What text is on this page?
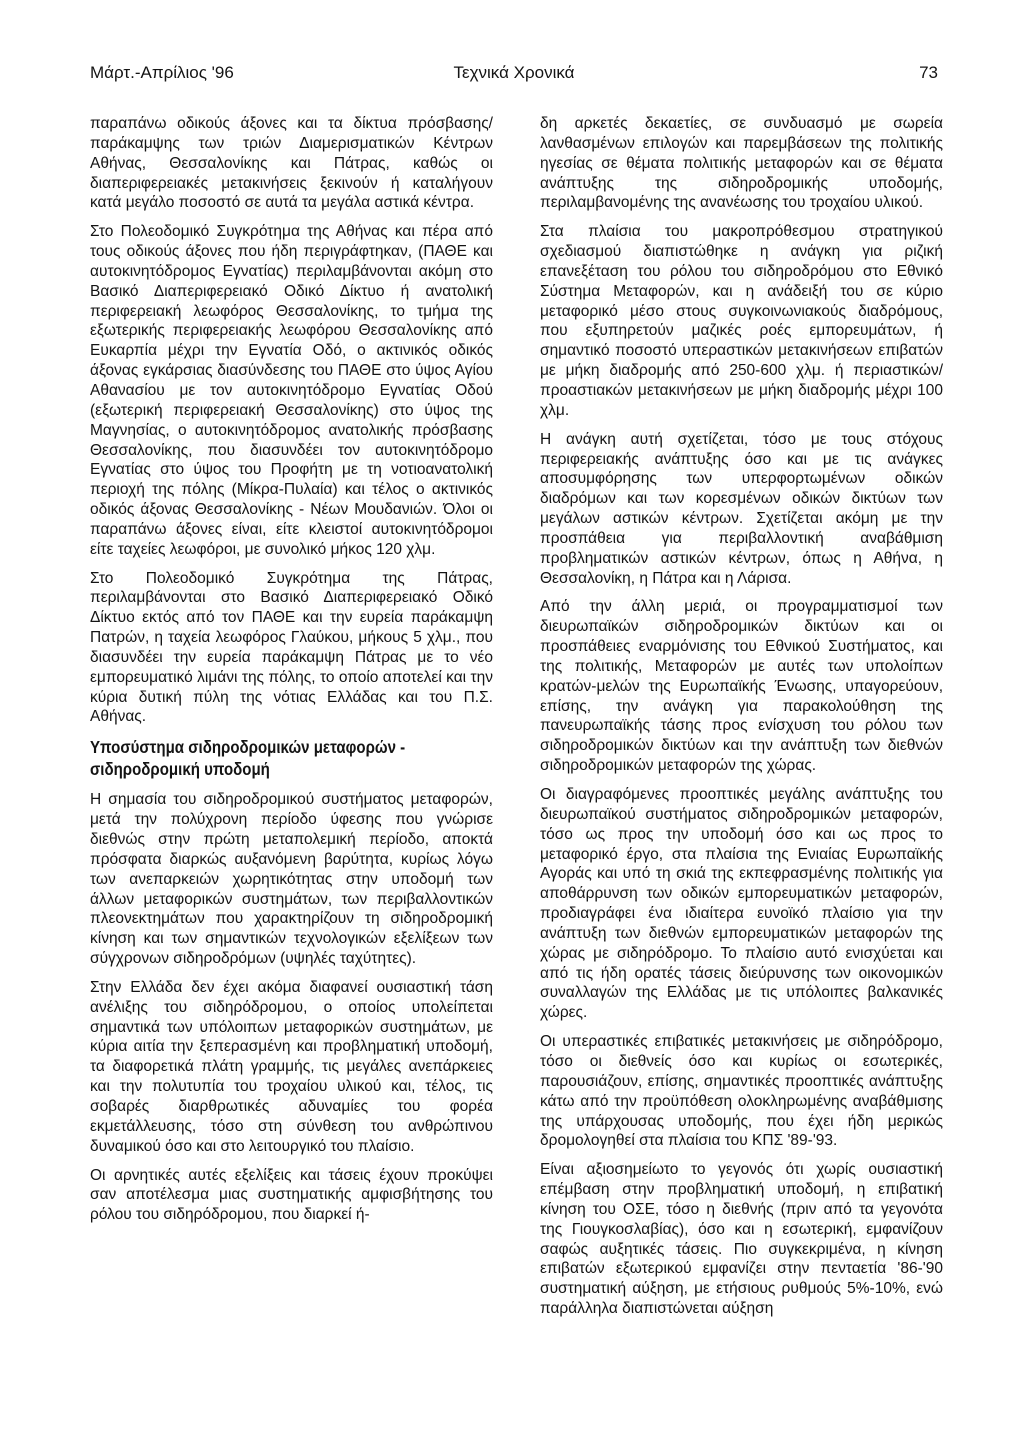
Μάρτ.-Απρίλιος '96	Τεχνικά Χρονικά	73

παραπάνω οδικούς άξονες και τα δίκτυα πρόσβασης/παράκαμψης των τριών Διαμερισματικών Κέντρων Αθήνας, Θεσσαλονίκης και Πάτρας, καθώς οι διαπεριφερειακές μετακινήσεις ξεκινούν ή καταλήγουν κατά μεγάλο ποσοστό σε αυτά τα μεγάλα αστικά κέντρα.

Στο Πολεοδομικό Συγκρότημα της Αθήνας και πέρα από τους οδικούς άξονες που ήδη περιγράφτηκαν, (ΠΑΘΕ και αυτοκινητόδρομος Εγνατίας) περιλαμβάνονται ακόμη στο Βασικό Διαπεριφερειακό Οδικό Δίκτυο ή ανατολική περιφερειακή λεωφόρος Θεσσαλονίκης, το τμήμα της εξωτερικής περιφερειακής λεωφόρου Θεσσαλονίκης από Ευκαρπία μέχρι την Εγνατία Οδό, ο ακτινικός οδικός άξονας εγκάρσιας διασύνδεσης του ΠΑΘΕ στο ύψος Αγίου Αθανασίου με τον αυτοκινητόδρομο Εγνατίας Οδού (εξωτερική περιφερειακή Θεσσαλονίκης) στο ύψος της Μαγνησίας, ο αυτοκινητόδρομος ανατολικής πρόσβασης Θεσσαλονίκης, που διασυνδέει τον αυτοκινητόδρομο Εγνατίας στο ύψος του Προφήτη με τη νοτιοανατολική περιοχή της πόλης (Μίκρα-Πυλαία) και τέλος ο ακτινικός οδικός άξονας Θεσσαλονίκης - Νέων Μουδανιών. Όλοι οι παραπάνω άξονες είναι, είτε κλειστοί αυτοκινητόδρομοι είτε ταχείες λεωφόροι, με συνολικό μήκος 120 χλμ.

Στο Πολεοδομικό Συγκρότημα της Πάτρας, περιλαμβάνονται στο Βασικό Διαπεριφερειακό Οδικό Δίκτυο εκτός από τον ΠΑΘΕ και την ευρεία παράκαμψη Πατρών, η ταχεία λεωφόρος Γλαύκου, μήκους 5 χλμ., που διασυνδέει την ευρεία παράκαμψη Πάτρας με το νέο εμπορευματικό λιμάνι της πόλης, το οποίο αποτελεί και την κύρια δυτική πύλη της νότιας Ελλάδας και του Π.Σ. Αθήνας.

Υποσύστημα σιδηροδρομικών μεταφορών - σιδηροδρομική υποδομή

Η σημασία του σιδηροδρομικού συστήματος μεταφορών, μετά την πολύχρονη περίοδο ύφεσης που γνώρισε διεθνώς στην πρώτη μεταπολεμική περίοδο, αποκτά πρόσφατα διαρκώς αυξανόμενη βαρύτητα, κυρίως λόγω των ανεπαρκειών χωρητικότητας στην υποδομή των άλλων μεταφορικών συστημάτων, των περιβαλλοντικών πλεονεκτημάτων που χαρακτηρίζουν τη σιδηροδρομική κίνηση και των σημαντικών τεχνολογικών εξελίξεων των σύγχρονων σιδηροδρόμων (υψηλές ταχύτητες).

Στην Ελλάδα δεν έχει ακόμα διαφανεί ουσιαστική τάση ανέλιξης του σιδηρόδρομου, ο οποίος υπολείπεται σημαντικά των υπόλοιπων μεταφορικών συστημάτων, με κύρια αιτία την ξεπερασμένη και προβληματική υποδομή, τα διαφορετικά πλάτη γραμμής, τις μεγάλες ανεπάρκειες και την πολυτυπία του τροχαίου υλικού και, τέλος, τις σοβαρές διαρθρωτικές αδυναμίες του φορέα εκμετάλλευσης, τόσο στη σύνθεση του ανθρώπινου δυναμικού όσο και στο λειτουργικό του πλαίσιο.

Οι αρνητικές αυτές εξελίξεις και τάσεις έχουν προκύψει σαν αποτέλεσμα μιας συστηματικής αμφισβήτησης του ρόλου του σιδηρόδρομου, που διαρκεί ή-

δη αρκετές δεκαετίες, σε συνδυασμό με σωρεία λανθασμένων επιλογών και παρεμβάσεων της πολιτικής ηγεσίας σε θέματα πολιτικής μεταφορών και σε θέματα ανάπτυξης της σιδηροδρομικής υποδομής, περιλαμβανομένης της ανανέωσης του τροχαίου υλικού.

Στα πλαίσια του μακροπρόθεσμου στρατηγικού σχεδιασμού διαπιστώθηκε η ανάγκη για ριζική επανεξέταση του ρόλου του σιδηροδρόμου στο Εθνικό Σύστημα Μεταφορών, και η ανάδειξή του σε κύριο μεταφορικό μέσο στους συγκοινωνιακούς διαδρόμους, που εξυπηρετούν μαζικές ροές εμπορευμάτων, ή σημαντικό ποσοστό υπεραστικών μετακινήσεων επιβατών με μήκη διαδρομής από 250-600 χλμ. ή περιαστικών/προαστιακών μετακινήσεων με μήκη διαδρομής μέχρι 100 χλμ.

Η ανάγκη αυτή σχετίζεται, τόσο με τους στόχους περιφερειακής ανάπτυξης όσο και με τις ανάγκες αποσυμφόρησης των υπερφορτωμένων οδικών διαδρόμων και των κορεσμένων οδικών δικτύων των μεγάλων αστικών κέντρων. Σχετίζεται ακόμη με την προσπάθεια για περιβαλλοντική αναβάθμιση προβληματικών αστικών κέντρων, όπως η Αθήνα, η Θεσσαλονίκη, η Πάτρα και η Λάρισα.

Από την άλλη μεριά, οι προγραμματισμοί των διευρωπαϊκών σιδηροδρομικών δικτύων και οι προσπάθειες εναρμόνισης του Εθνικού Συστήματος, και της πολιτικής, Μεταφορών με αυτές των υπολοίπων κρατών-μελών της Ευρωπαϊκής Ένωσης, υπαγορεύουν, επίσης, την ανάγκη για παρακολούθηση της πανευρωπαϊκής τάσης προς ενίσχυση του ρόλου των σιδηροδρομικών δικτύων και την ανάπτυξη των διεθνών σιδηροδρομικών μεταφορών της χώρας.

Οι διαγραφόμενες προοπτικές μεγάλης ανάπτυξης του διευρωπαϊκού συστήματος σιδηροδρομικών μεταφορών, τόσο ως προς την υποδομή όσο και ως προς το μεταφορικό έργο, στα πλαίσια της Ενιαίας Ευρωπαϊκής Αγοράς και υπό τη σκιά της εκπεφρασμένης πολιτικής για αποθάρρυνση των οδικών εμπορευματικών μεταφορών, προδιαγράφει ένα ιδιαίτερα ευνοϊκό πλαίσιο για την ανάπτυξη των διεθνών εμπορευματικών μεταφορών της χώρας με σιδηρόδρομο. Το πλαίσιο αυτό ενισχύεται και από τις ήδη ορατές τάσεις διεύρυνσης των οικονομικών συναλλαγών της Ελλάδας με τις υπόλοιπες βαλκανικές χώρες.

Οι υπεραστικές επιβατικές μετακινήσεις με σιδηρόδρομο, τόσο οι διεθνείς όσο και κυρίως οι εσωτερικές, παρουσιάζουν, επίσης, σημαντικές προοπτικές ανάπτυξης κάτω από την προϋπόθεση ολοκληρωμένης αναβάθμισης της υπάρχουσας υποδομής, που έχει ήδη μερικώς δρομολογηθεί στα πλαίσια του ΚΠΣ '89-'93.

Είναι αξιοσημείωτο το γεγονός ότι χωρίς ουσιαστική επέμβαση στην προβληματική υποδομή, η επιβατική κίνηση του ΟΣΕ, τόσο η διεθνής (πριν από τα γεγονότα της Γιουγκοσλαβίας), όσο και η εσωτερική, εμφανίζουν σαφώς αυξητικές τάσεις. Πιο συγκεκριμένα, η κίνηση επιβατών εξωτερικού εμφανίζει στην πενταετία '86-'90 συστηματική αύξηση, με ετήσιους ρυθμούς 5%-10%, ενώ παράλληλα διαπιστώνεται αύξηση
